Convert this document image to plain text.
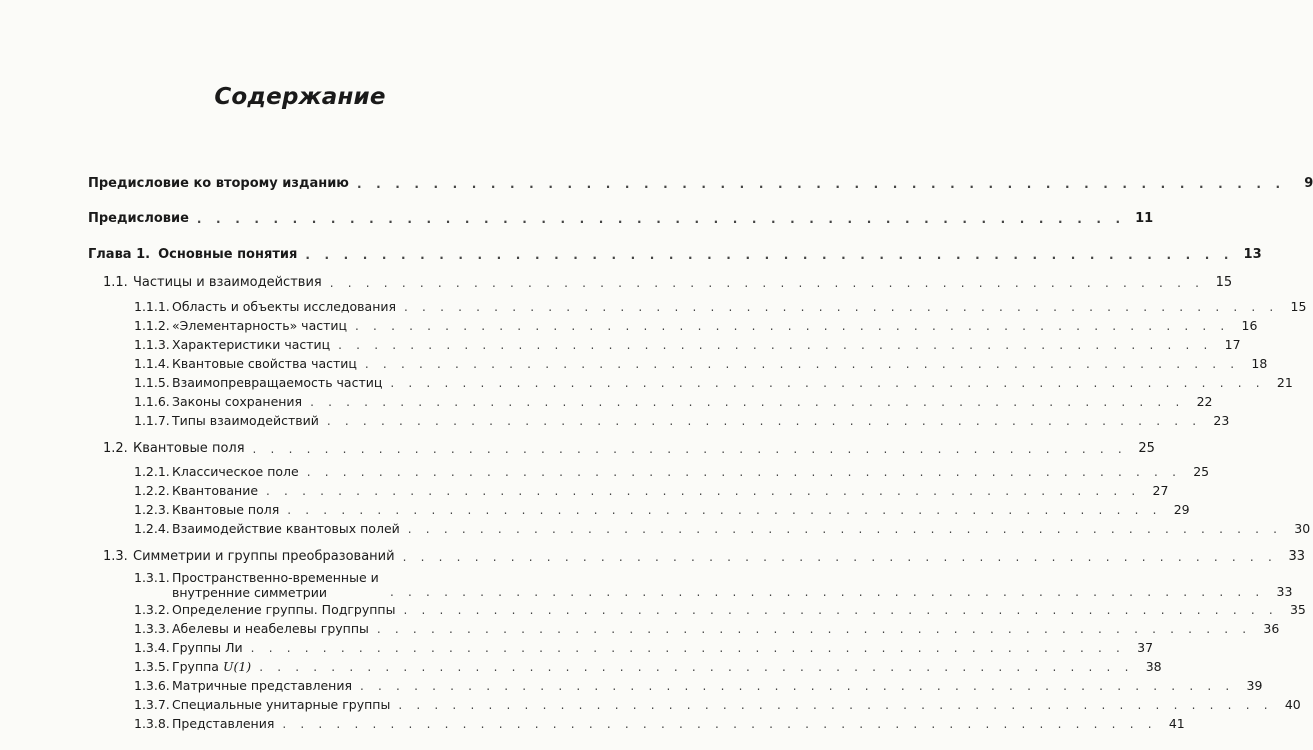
Содержание
Предисловие ко второму изданию . . . . . . . . . . . . . . . . . . . . . . . . . . . . . . . . . . . . . . . . . . . . . . . . .	9
Предисловие . . . . . . . . . . . . . . . . . . . . . . . . . . . . . . . . . . . . . . . . . . . . . . . . . 11
Глава 1. Основные понятия . . . . . . . . . . . . . . . . . . . . . . . . . . . . . . . . . . . . . . . . . . . . . . . . . 13
1.1. Частицы и взаимодействия . . . . . . . . . . . . . . . . . . . . . . . . . . . . . . . . . . . . . . . . . . . . . . . . . 15
1.1.1. Область и объекты исследования . . . . . . . . . . . . . . . . . . . . . . . . . . . . . . . . . . . . . . . . . . . . . . . . . 15
1.1.2. «Элементарность» частиц . . . . . . . . . . . . . . . . . . . . . . . . . . . . . . . . . . . . . . . . . . . . . . . . . 16
1.1.3. Характеристики частиц . . . . . . . . . . . . . . . . . . . . . . . . . . . . . . . . . . . . . . . . . . . . . . . . . 17
1.1.4. Квантовые свойства частиц . . . . . . . . . . . . . . . . . . . . . . . . . . . . . . . . . . . . . . . . . . . . . . . . . 18
1.1.5. Взаимопревращаемость частиц . . . . . . . . . . . . . . . . . . . . . . . . . . . . . . . . . . . . . . . . . . . . . . . . . 21
1.1.6. Законы сохранения . . . . . . . . . . . . . . . . . . . . . . . . . . . . . . . . . . . . . . . . . . . . . . . . . 22
1.1.7. Типы взаимодействий . . . . . . . . . . . . . . . . . . . . . . . . . . . . . . . . . . . . . . . . . . . . . . . . . 23
1.2. Квантовые поля . . . . . . . . . . . . . . . . . . . . . . . . . . . . . . . . . . . . . . . . . . . . . . . . . 25
1.2.1. Классическое поле . . . . . . . . . . . . . . . . . . . . . . . . . . . . . . . . . . . . . . . . . . . . . . . . . 25
1.2.2. Квантование . . . . . . . . . . . . . . . . . . . . . . . . . . . . . . . . . . . . . . . . . . . . . . . . . 27
1.2.3. Квантовые поля . . . . . . . . . . . . . . . . . . . . . . . . . . . . . . . . . . . . . . . . . . . . . . . . . 29
1.2.4. Взаимодействие квантовых полей . . . . . . . . . . . . . . . . . . . . . . . . . . . . . . . . . . . . . . . . . . . . . . . . . 30
1.3. Симметрии и группы преобразований . . . . . . . . . . . . . . . . . . . . . . . . . . . . . . . . . . . . . . . . . . . . . . . . . 33
1.3.1. Пространственно-временные и внутренние симметрии	. . . . . . . . . . . . . . . . . . . . . . . . . . . . . . . . . . . . . . . . . . . . . . . . . 33
1.3.2. Определение группы. Подгруппы . . . . . . . . . . . . . . . . . . . . . . . . . . . . . . . . . . . . . . . . . . . . . . . . . 35
1.3.3. Абелевы и неабелевы группы . . . . . . . . . . . . . . . . . . . . . . . . . . . . . . . . . . . . . . . . . . . . . . . . . 36
1.3.4. Группы Ли . . . . . . . . . . . . . . . . . . . . . . . . . . . . . . . . . . . . . . . . . . . . . . . . . 37
1.3.5. Группа U(1) . . . . . . . . . . . . . . . . . . . . . . . . . . . . . . . . . . . . . . . . . . . . . . . . . 38
1.3.6. Матричные представления . . . . . . . . . . . . . . . . . . . . . . . . . . . . . . . . . . . . . . . . . . . . . . . . . 39
1.3.7. Специальные унитарные группы . . . . . . . . . . . . . . . . . . . . . . . . . . . . . . . . . . . . . . . . . . . . . . . . . 40
1.3.8. Представления . . . . . . . . . . . . . . . . . . . . . . . . . . . . . . . . . . . . . . . . . . . . . . . . . 41
